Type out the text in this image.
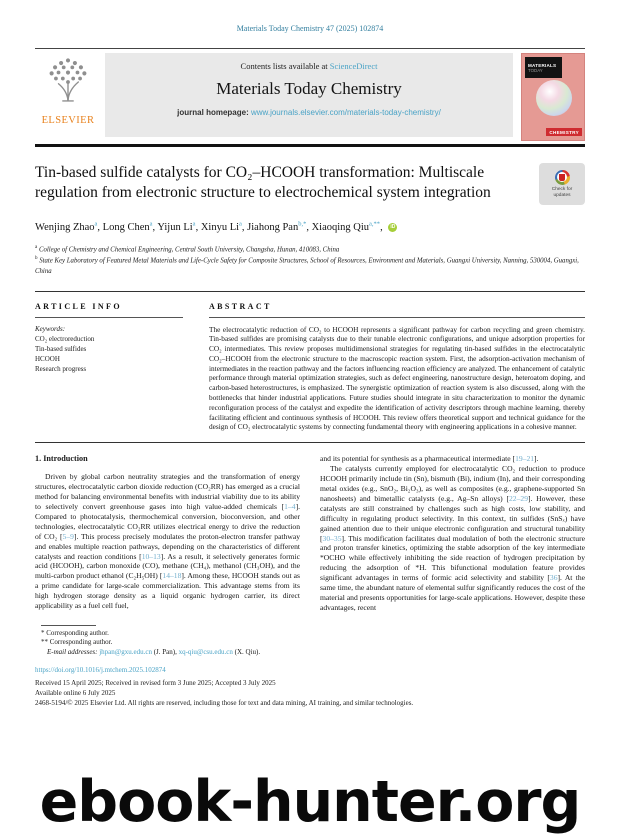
Materials Today Chemistry 47 (2025) 102874
ELSEVIER
Contents lists available at ScienceDirect
Materials Today Chemistry
journal homepage: www.journals.elsevier.com/materials-today-chemistry/
MATERIALS
TODAY
CHEMISTRY
Tin-based sulfide catalysts for CO₂–HCOOH transformation: Multiscale regulation from electronic structure to electrochemical system integration	Check for updates
Wenjing Zhao$^a$ , Long Chen$^a$ , Yijun Li$^a$ , Xinyu Li$^a$ , Jiahong Pan$^{b,*}$ , Xiaoqing Qiu$^{a,**}$ , iD
$^a$ College of Chemistry and Chemical Engineering, Central South University, Changsha, Hunan, 410083, China
$^b$ State Key Laboratory of Featured Metal Materials and Life-Cycle Safety for Composite Structures, School of Resources, Environment and Materials, Guangxi University, Nanning, 530004, Guangxi, China
ARTICLE INFO
Keywords:
CO₂ electroreduction
Tin-based sulfides
HCOOH
Research progress
ABSTRACT

The electrocatalytic reduction of CO₂ to HCOOH represents a significant pathway for carbon recycling and green chemistry. Tin-based sulfides are promising catalysts due to their tunable electronic configurations, and unique adsorption properties for CO₂ intermediates. This review proposes multidimensional strategies for regulating tin-based sulfides in the electrocatalytic CO₂–HCOOH from the electronic structure to the macroscopic reaction system. First, the adsorption-activation mechanism of intermediates in the reaction pathway and the factors influencing reaction efficiency are analyzed. The enhancement of catalytic performance through material optimization strategies, such as defect engineering, nanostructure design, heteroatom doping, and carbon-based heterostructures, is emphasized. The synergistic optimization of reaction system is also discussed, along with the bottlenecks that hinder industrial applications. Future studies should integrate in situ characterization to monitor the dynamic reconfiguration process of the catalyst and expedite the identification of activity descriptors through machine learning, thereby facilitating efficient and continuous synthesis of HCOOH. This review offers theoretical support and technical guidance for the design of CO₂ electrocatalytic systems by connecting fundamental theory with engineering applications in a cohesive manner.

1. Introduction

Driven by global carbon neutrality strategies and the transformation of energy structures, electrocatalytic carbon dioxide reduction (CO₂RR) has emerged as a crucial method for balancing environmental benefits with industrial viability due to its ability to selectively convert greenhouse gases into high value-added chemicals [1–4]. Compared to photocatalysis, thermochemical conversion, bioconversion, and other technologies, electrocatalytic CO₂RR utilizes electrical energy to drive the reduction of CO₂ [5–9]. This process precisely modulates the proton-electron transfer pathway and enables multiple reaction pathways, depending on the characteristics of different catalysts and reaction conditions [10–13]. As a result, it selectively generates formic acid (HCOOH), carbon monoxide (CO), methane (CH₄), methanol (CH₃OH), and the multi-carbon product ethanol (C₂H₅OH) [14–18]. Among these, HCOOH stands out as a prime candidate for large-scale commercialization. This advantage stems from its high hydrogen storage density as a liquid organic hydrogen carrier, its direct applicability as a fuel cell fuel,

and its potential for synthesis as a pharmaceutical intermediate [19–21].

The catalysts currently employed for electrocatalytic CO₂ reduction to produce HCOOH primarily include tin (Sn), bismuth (Bi), indium (In), and their corresponding metal oxides (e.g., SnO₂, Bi₂O₃), as well as composites (e.g., graphene-supported Sn nanosheets) and bimetallic catalysts (e.g., Ag–Sn alloys) [22–29]. However, these catalysts are still constrained by challenges such as high costs, low stability, and difficulty in regulating product selectivity. In this context, tin sulfides (SnSₓ) have gained attention due to their unique electronic configuration and structural tunability [30–35]. This modification facilitates dual modulation of both the electronic structure and proton transfer kinetics, optimizing the stable adsorption of the key intermediate *OCHO while effectively inhibiting the side reaction of hydrogen precipitation by reducing the adsorption of *H. This bifunctional modulation feature provides significant advantages in terms of formic acid selectivity and stability [36]. At the same time, the abundant nature of elemental sulfur significantly reduces the cost of the material and presents opportunities for large-scale applications. However, despite these advantages, recent

* Corresponding author.
** Corresponding author.
E-mail addresses: jhpan@gxu.edu.cn (J. Pan), xq-qiu@csu.edu.cn (X. Qiu).
https://doi.org/10.1016/j.mtchem.2025.102874
Received 15 April 2025; Received in revised form 3 June 2025; Accepted 3 July 2025
Available online 6 July 2025
2468-5194/© 2025 Elsevier Ltd. All rights are reserved, including those for text and data mining, AI training, and similar technologies.
ebook-hunter.org
